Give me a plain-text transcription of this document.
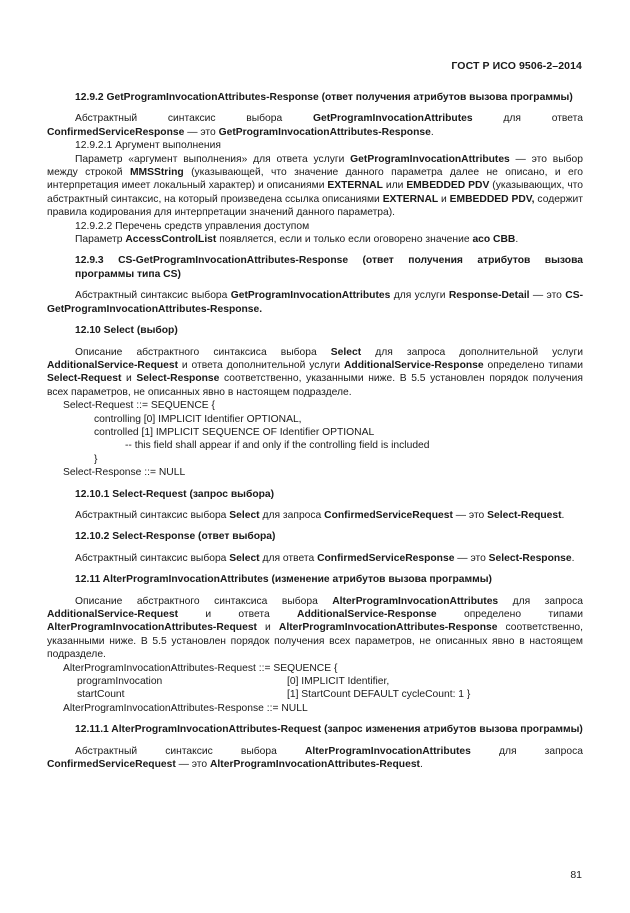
ГОСТ Р ИСО 9506-2–2014
12.9.2 GetProgramInvocationAttributes-Response (ответ получения атрибутов вызова программы)
Абстрактный синтаксис выбора GetProgramInvocationAttributes для ответа ConfirmedServiceResponse — это GetProgramInvocationAttributes-Response.
12.9.2.1 Аргумент выполнения
Параметр «аргумент выполнения» для ответа услуги GetProgramInvocationAttributes — это выбор между строкой MMSString (указывающей, что значение данного параметра далее не описано, и его интерпретация имеет локальный характер) и описаниями EXTERNAL или EMBEDDED PDV (указывающих, что абстрактный синтаксис, на который произведена ссылка описаниями EXTERNAL и EMBEDDED PDV, содержит правила кодирования для интерпретации значений данного параметра).
12.9.2.2 Перечень средств управления доступом
Параметр AccessControlList появляется, если и только если оговорено значение aco CBB.
12.9.3 CS-GetProgramInvocationAttributes-Response (ответ получения атрибутов вызова программы типа CS)
Абстрактный синтаксис выбора GetProgramInvocationAttributes для услуги Response-Detail — это CS-GetProgramInvocationAttributes-Response.
12.10 Select (выбор)
Описание абстрактного синтаксиса выбора Select для запроса дополнительной услуги AdditionalService-Request и ответа дополнительной услуги AdditionalService-Response определено типами Select-Request и Select-Response соответственно, указанными ниже. В 5.5 установлен порядок получения всех параметров, не описанных явно в настоящем подразделе.
Select-Request ::= SEQUENCE {
controlling [0] IMPLICIT Identifier OPTIONAL,
controlled [1] IMPLICIT SEQUENCE OF Identifier OPTIONAL
-- this field shall appear if and only if the controlling field is included
}
Select-Response ::= NULL
12.10.1 Select-Request (запрос выбора)
Абстрактный синтаксис выбора Select для запроса ConfirmedServiceRequest — это Select-Request.
12.10.2 Select-Response (ответ выбора)
Абстрактный синтаксис выбора Select для ответа ConfirmedServiceResponse — это Select-Response.
12.11 AlterProgramInvocationAttributes (изменение атрибутов вызова программы)
Описание абстрактного синтаксиса выбора AlterProgramInvocationAttributes для запроса AdditionalService-Request и ответа AdditionalService-Response определено типами AlterProgramInvocationAttributes-Request и AlterProgramInvocationAttributes-Response соответственно, указанными ниже. В 5.5 установлен порядок получения всех параметров, не описанных явно в настоящем подразделе.
AlterProgramInvocationAttributes-Request ::= SEQUENCE {
programInvocation	[0] IMPLICIT Identifier,
startCount	[1] StartCount DEFAULT cycleCount: 1 }
AlterProgramInvocationAttributes-Response ::= NULL
12.11.1 AlterProgramInvocationAttributes-Request (запрос изменения атрибутов вызова программы)
Абстрактный синтаксис выбора AlterProgramInvocationAttributes для запроса ConfirmedServiceRequest — это AlterProgramInvocationAttributes-Request.
81
